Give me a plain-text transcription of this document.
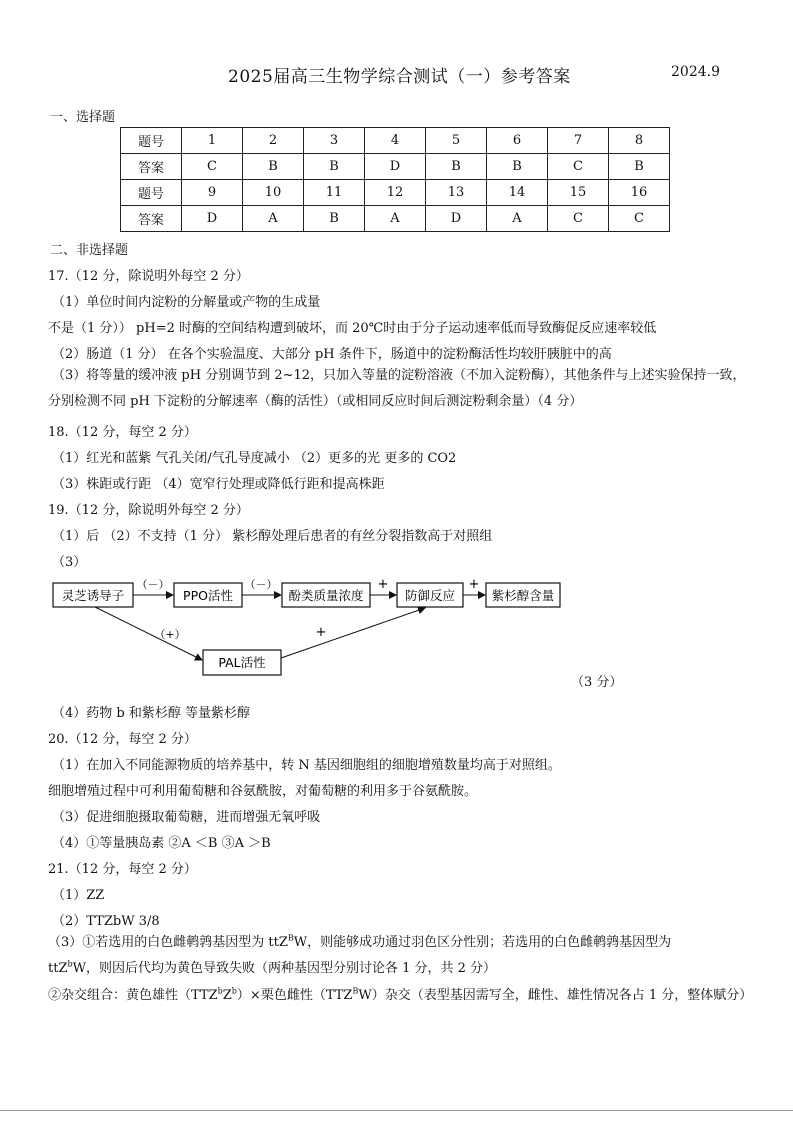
2025届高三生物学综合测试（一）参考答案	2024.9
一、选择题
题号	1	2	3	4	5	6	7	8
答案	C	B	B	D	B	B	C	B
题号	9	10	11	12	13	14	15	16
答案	D	A	B	A	D	A	C	C
二、非选择题
17.（12 分，除说明外每空 2 分）
（1）单位时间内淀粉的分解量或产物的生成量
不是（1 分）） pH=2 时酶的空间结构遭到破坏，而 20℃时由于分子运动速率低而导致酶促反应速率较低
（2）肠道（1 分） 在各个实验温度、大部分 pH 条件下，肠道中的淀粉酶活性均较肝胰脏中的高
（3）将等量的缓冲液 pH 分别调节到 2~12，只加入等量的淀粉溶液（不加入淀粉酶），其他条件与上述实验保持一致，分别检测不同 pH 下淀粉的分解速率（酶的活性）（或相同反应时间后测淀粉剩余量）（4 分）
18.（12 分，每空 2 分）
（1）红光和蓝紫 气孔关闭/气孔导度减小 （2）更多的光 更多的 CO2
（3）株距或行距 （4）宽窄行处理或降低行距和提高株距
19.（12 分，除说明外每空 2 分）
（1）后 （2）不支持（1 分） 紫杉醇处理后患者的有丝分裂指数高于对照组
（3）
灵芝诱导子	PPO活性	酚类质量浓度	防御反应	紫杉醇含量
PAL活性
（－）	（－）	+	+
（+）	+
（3 分）
（4）药物 b 和紫杉醇 等量紫杉醇
20.（12 分，每空 2 分）
（1）在加入不同能源物质的培养基中，转 N 基因细胞组的细胞增殖数量均高于对照组。
细胞增殖过程中可利用葡萄糖和谷氨酰胺，对葡萄糖的利用多于谷氨酰胺。
（3）促进细胞摄取葡萄糖，进而增强无氧呼吸
（4）①等量胰岛素 ②A ＜B ③A ＞B
21.（12 分，每空 2 分）
（1）ZZ
（2）TTZbW 3/8
（3）①若选用的白色雌鹌鹑基因型为 ttZ$^B$W，则能够成功通过羽色区分性别；若选用的白色雌鹌鹑基因型为
ttZ$^b$W，则因后代均为黄色导致失败（两种基因型分别讨论各 1 分，共 2 分）
②杂交组合：黄色雄性$(TTZ^bZ^b)\times$栗色雌性$(TTZ^BW)$杂交（表型基因需写全，雌性、雄性情况各占 1 分，整体赋分）
